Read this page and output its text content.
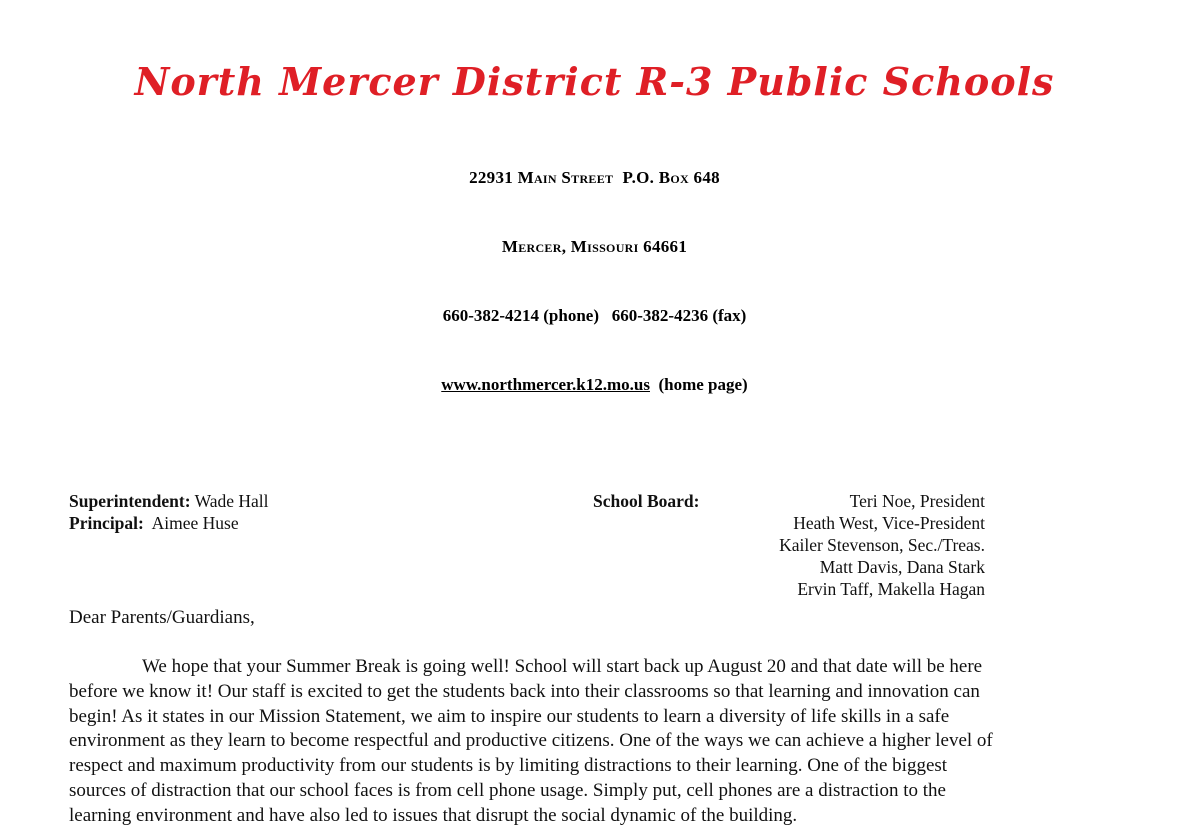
North Mercer District R-3 Public Schools

22931 Main Street  P.O. Box 648

Mercer, Missouri 64661

660-382-4214 (phone)   660-382-4236 (fax)

www.northmercer.k12.mo.us  (home page)

Superintendent: Wade Hall
Principal:  Aimee Huse
School Board:	Teri Noe, President
Heath West, Vice-President
Kailer Stevenson, Sec./Treas.
Matt Davis, Dana Stark
Ervin Taff, Makella Hagan
Dear Parents/Guardians,
We hope that your Summer Break is going well! School will start back up August 20 and that date will be here
before we know it! Our staff is excited to get the students back into their classrooms so that learning and innovation can
begin! As it states in our Mission Statement, we aim to inspire our students to learn a diversity of life skills in a safe
environment as they learn to become respectful and productive citizens. One of the ways we can achieve a higher level of
respect and maximum productivity from our students is by limiting distractions to their learning. One of the biggest
sources of distraction that our school faces is from cell phone usage. Simply put, cell phones are a distraction to the
learning environment and have also led to issues that disrupt the social dynamic of the building.
